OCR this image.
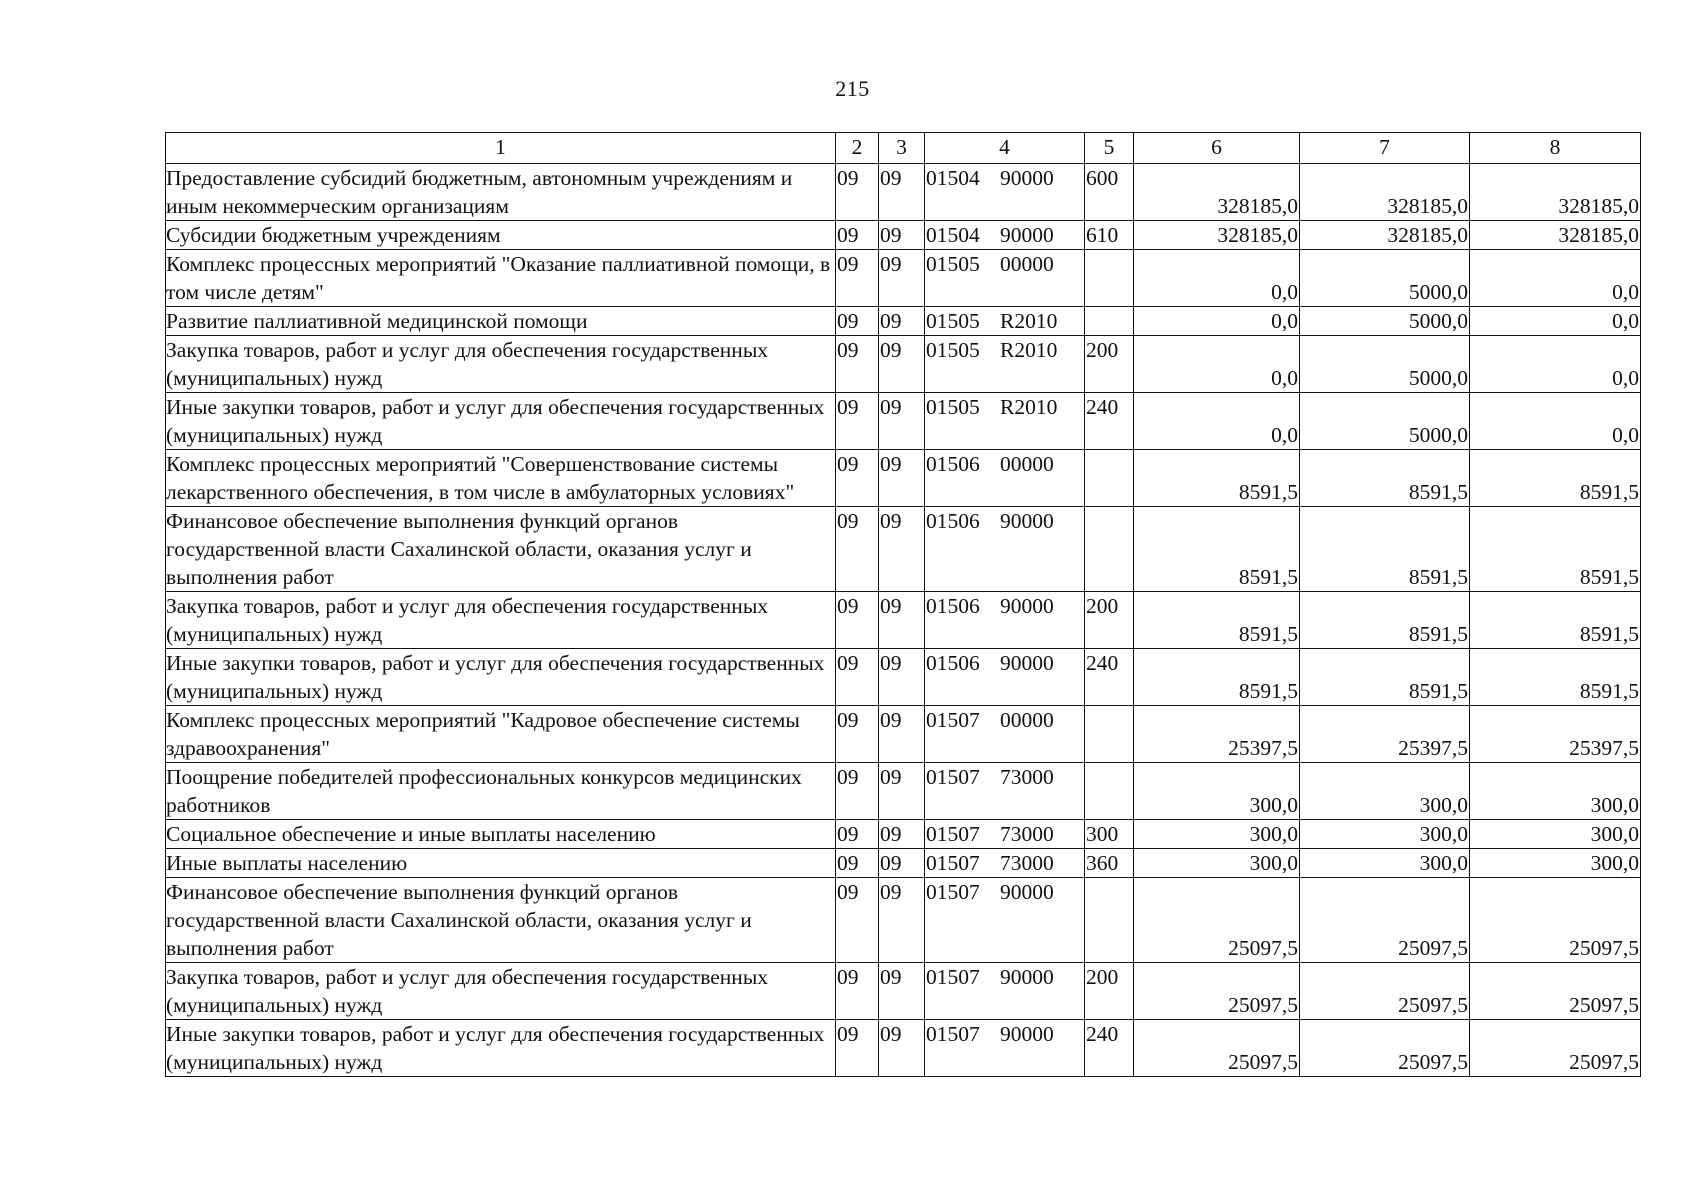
215
1	2	3	4	5	6	7	8
Предоставление субсидий бюджетным, автономным учреждениям и иным некоммерческим организациям	09	09	01504 90000	600	328185,0	328185,0	328185,0
Субсидии бюджетным учреждениям	09	09	01504 90000	610	328185,0	328185,0	328185,0
Комплекс процессных мероприятий "Оказание паллиативной помощи, в том числе детям"	09	09	01505 00000		0,0	5000,0	0,0
Развитие паллиативной медицинской помощи	09	09	01505 R2010		0,0	5000,0	0,0
Закупка товаров, работ и услуг для обеспечения государственных (муниципальных) нужд	09	09	01505 R2010	200	0,0	5000,0	0,0
Иные закупки товаров, работ и услуг для обеспечения государственных (муниципальных) нужд	09	09	01505 R2010	240	0,0	5000,0	0,0
Комплекс процессных мероприятий "Совершенствование системы лекарственного обеспечения, в том числе в амбулаторных условиях"	09	09	01506 00000		8591,5	8591,5	8591,5
Финансовое обеспечение выполнения функций органов государственной власти Сахалинской области, оказания услуг и выполнения работ	09	09	01506 90000		8591,5	8591,5	8591,5
Закупка товаров, работ и услуг для обеспечения государственных (муниципальных) нужд	09	09	01506 90000	200	8591,5	8591,5	8591,5
Иные закупки товаров, работ и услуг для обеспечения государственных (муниципальных) нужд	09	09	01506 90000	240	8591,5	8591,5	8591,5
Комплекс процессных мероприятий "Кадровое обеспечение системы здравоохранения"	09	09	01507 00000		25397,5	25397,5	25397,5
Поощрение победителей профессиональных конкурсов медицинских работников	09	09	01507 73000		300,0	300,0	300,0
Социальное обеспечение и иные выплаты населению	09	09	01507 73000	300	300,0	300,0	300,0
Иные выплаты населению	09	09	01507 73000	360	300,0	300,0	300,0
Финансовое обеспечение выполнения функций органов государственной власти Сахалинской области, оказания услуг и выполнения работ	09	09	01507 90000		25097,5	25097,5	25097,5
Закупка товаров, работ и услуг для обеспечения государственных (муниципальных) нужд	09	09	01507 90000	200	25097,5	25097,5	25097,5
Иные закупки товаров, работ и услуг для обеспечения государственных (муниципальных) нужд	09	09	01507 90000	240	25097,5	25097,5	25097,5
